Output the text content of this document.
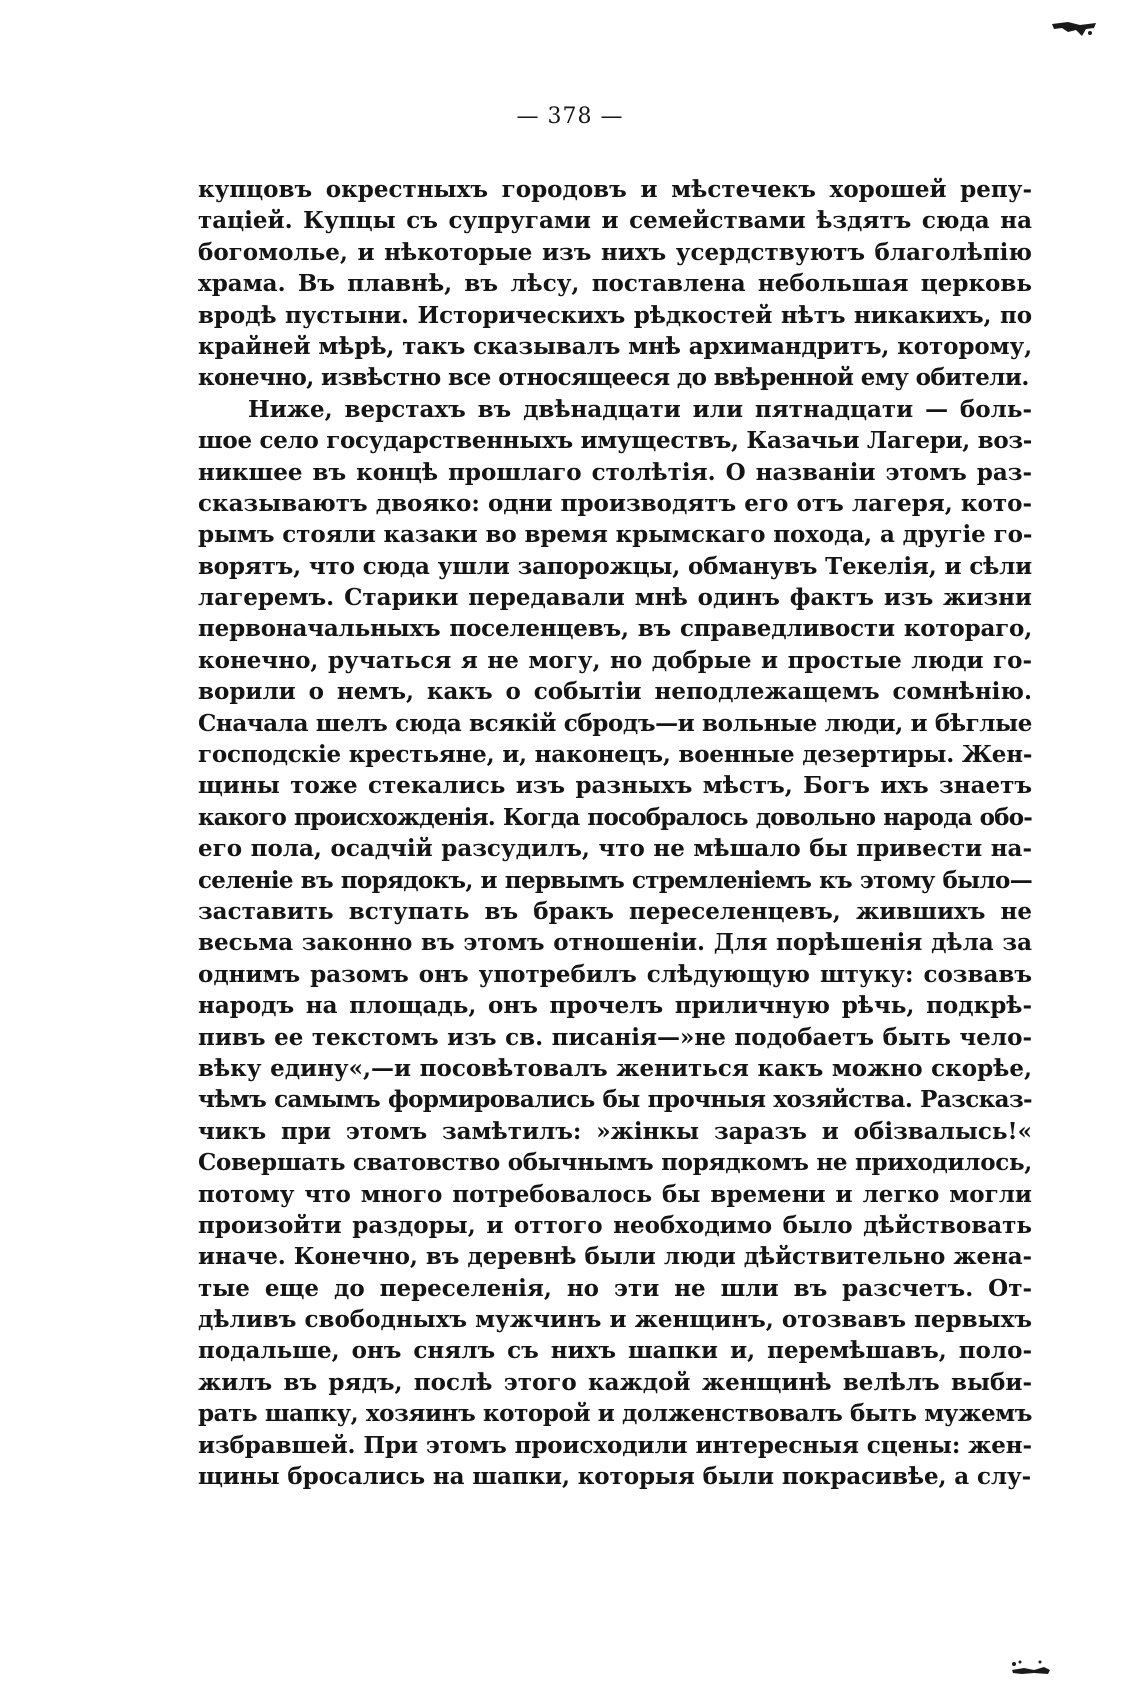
— 378 —
купцовъ окрестныхъ городовъ и мѣстечекъ хорошей репу-
таціей. Купцы съ супругами и семействами ѣздятъ сюда на
богомолье, и нѣкоторые изъ нихъ усердствуютъ благолѣпію
храма. Въ плавнѣ, въ лѣсу, поставлена небольшая церковь
вродѣ пустыни. Историческихъ рѣдкостей нѣтъ никакихъ, по
крайней мѣрѣ, такъ сказывалъ мнѣ архимандритъ, которому,
конечно, извѣстно все относящееся до ввѣренной ему обители.
Ниже, верстахъ въ двѣнадцати или пятнадцати — боль-
шое село государственныхъ имуществъ, Казачьи Лагери, воз-
никшее въ концѣ прошлаго столѣтія. О названіи этомъ раз-
сказываютъ двояко: одни производятъ его отъ лагеря, кото-
рымъ стояли казаки во время крымскаго похода, а другіе го-
ворятъ, что сюда ушли запорожцы, обманувъ Текелія, и сѣли
лагеремъ. Старики передавали мнѣ одинъ фактъ изъ жизни
первоначальныхъ поселенцевъ, въ справедливости котораго,
конечно, ручаться я не могу, но добрые и простые люди го-
ворили о немъ, какъ о событіи неподлежащемъ сомнѣнію.
Сначала шелъ сюда всякій сбродъ—и вольные люди, и бѣглые
господскіе крестьяне, и, наконецъ, военные дезертиры. Жен-
щины тоже стекались изъ разныхъ мѣстъ, Богъ ихъ знаетъ
какого происхожденія. Когда пособралось довольно народа обо-
его пола, осадчій разсудилъ, что не мѣшало бы привести на-
селеніе въ порядокъ, и первымъ стремленіемъ къ этому было—
заставить вступать въ бракъ переселенцевъ, жившихъ не
весьма законно въ этомъ отношеніи. Для порѣшенія дѣла за
однимъ разомъ онъ употребилъ слѣдующую штуку: созвавъ
народъ на площадь, онъ прочелъ приличную рѣчь, подкрѣ-
пивъ ее текстомъ изъ св. писанія—»не подобаетъ быть чело-
вѣку едину«,—и посовѣтовалъ жениться какъ можно скорѣе,
чѣмъ самымъ формировались бы прочныя хозяйства. Разсказ-
чикъ при этомъ замѣтилъ: »жінкы заразъ и обізвалысь!«
Совершать сватовство обычнымъ порядкомъ не приходилось,
потому что много потребовалось бы времени и легко могли
произойти раздоры, и оттого необходимо было дѣйствовать
иначе. Конечно, въ деревнѣ были люди дѣйствительно жена-
тые еще до переселенія, но эти не шли въ разсчетъ. От-
дѣливъ свободныхъ мужчинъ и женщинъ, отозвавъ первыхъ
подальше, онъ снялъ съ нихъ шапки и, перемѣшавъ, поло-
жилъ въ рядъ, послѣ этого каждой женщинѣ велѣлъ выби-
рать шапку, хозяинъ которой и долженствовалъ быть мужемъ
избравшей. При этомъ происходили интересныя сцены: жен-
щины бросались на шапки, которыя были покрасивѣе, а слу-
